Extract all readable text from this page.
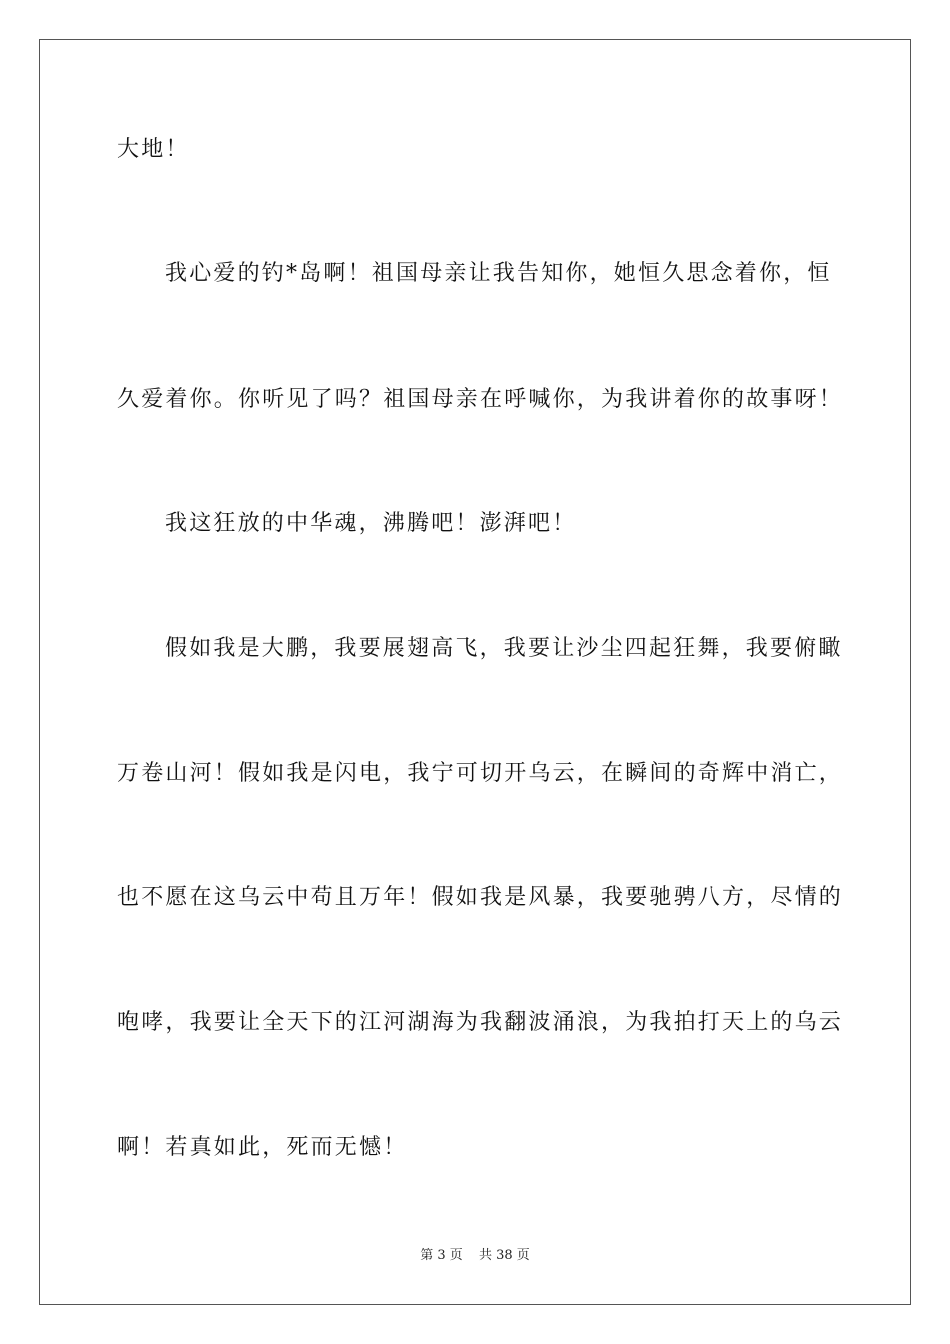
大地！
我心爱的钓*岛啊！祖国母亲让我告知你，她恒久思念着你，恒
久爱着你。你听见了吗？祖国母亲在呼喊你，为我讲着你的故事呀！
我这狂放的中华魂，沸腾吧！澎湃吧！
假如我是大鹏，我要展翅高飞，我要让沙尘四起狂舞，我要俯瞰
万卷山河！假如我是闪电，我宁可切开乌云，在瞬间的奇辉中消亡，
也不愿在这乌云中苟且万年！假如我是风暴，我要驰骋八方，尽情的
咆哮，我要让全天下的江河湖海为我翻波涌浪，为我拍打天上的乌云
啊！若真如此，死而无憾！
第 3 页 共 38 页
